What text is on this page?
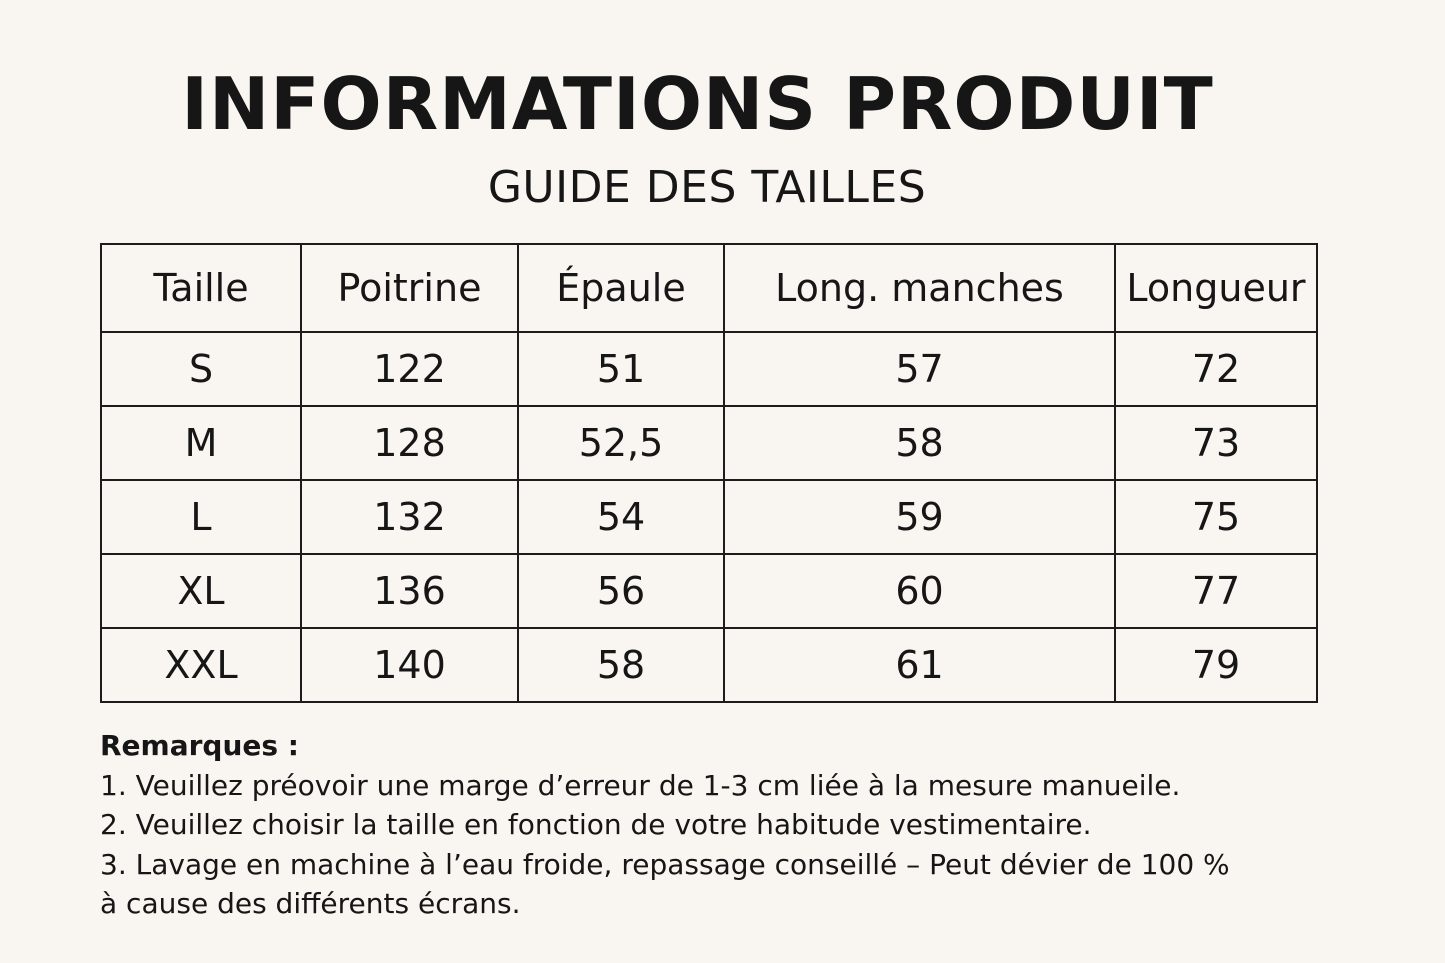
INFORMATIONS PRODUIT
GUIDE DES TAILLES
Taille	Poitrine	Épaule	Long. manches	Longueur
S	122	51	57	72
M	128	52,5	58	73
L	132	54	59	75
XL	136	56	60	77
XXL	140	58	61	79
Remarques :
1. Veuillez préovoir une marge d’erreur de 1-3 cm liée à la mesure manueile.
2. Veuillez choisir la taille en fonction de votre habitude vestimentaire.
3. Lavage en machine à l’eau froide, repassage conseillé – Peut dévier de 100 %
à cause des différents écrans.
